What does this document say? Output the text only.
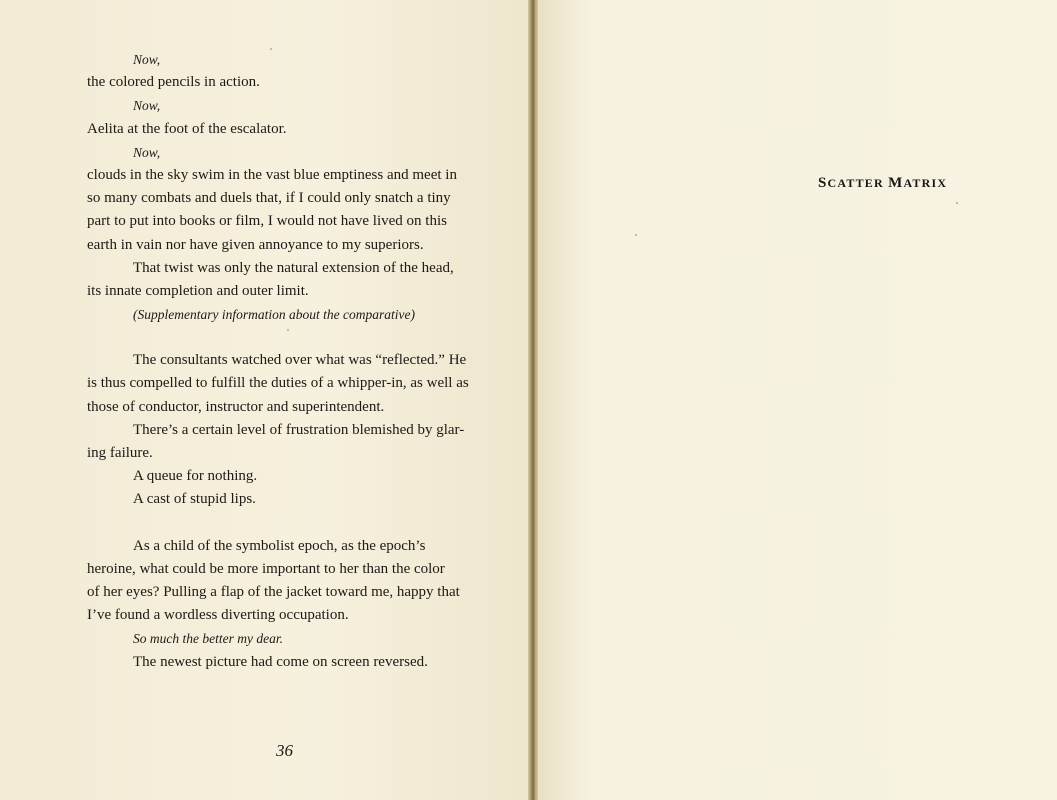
Now,
the colored pencils in action.
Now,
Aelita at the foot of the escalator.
Now,
clouds in the sky swim in the vast blue emptiness and meet in
so many combats and duels that, if I could only snatch a tiny
part to put into books or film, I would not have lived on this
earth in vain nor have given annoyance to my superiors.
That twist was only the natural extension of the head,
its innate completion and outer limit.
(Supplementary information about the comparative)
The consultants watched over what was “reflected.” He
is thus compelled to fulfill the duties of a whipper-in, as well as
those of conductor, instructor and superintendent.
There’s a certain level of frustration blemished by glar-
ing failure.
A queue for nothing.
A cast of stupid lips.
As a child of the symbolist epoch, as the epoch’s
heroine, what could be more important to her than the color
of her eyes? Pulling a flap of the jacket toward me, happy that
I’ve found a wordless diverting occupation.
So much the better my dear.
The newest picture had come on screen reversed.
36
SCATTER MATRIX
